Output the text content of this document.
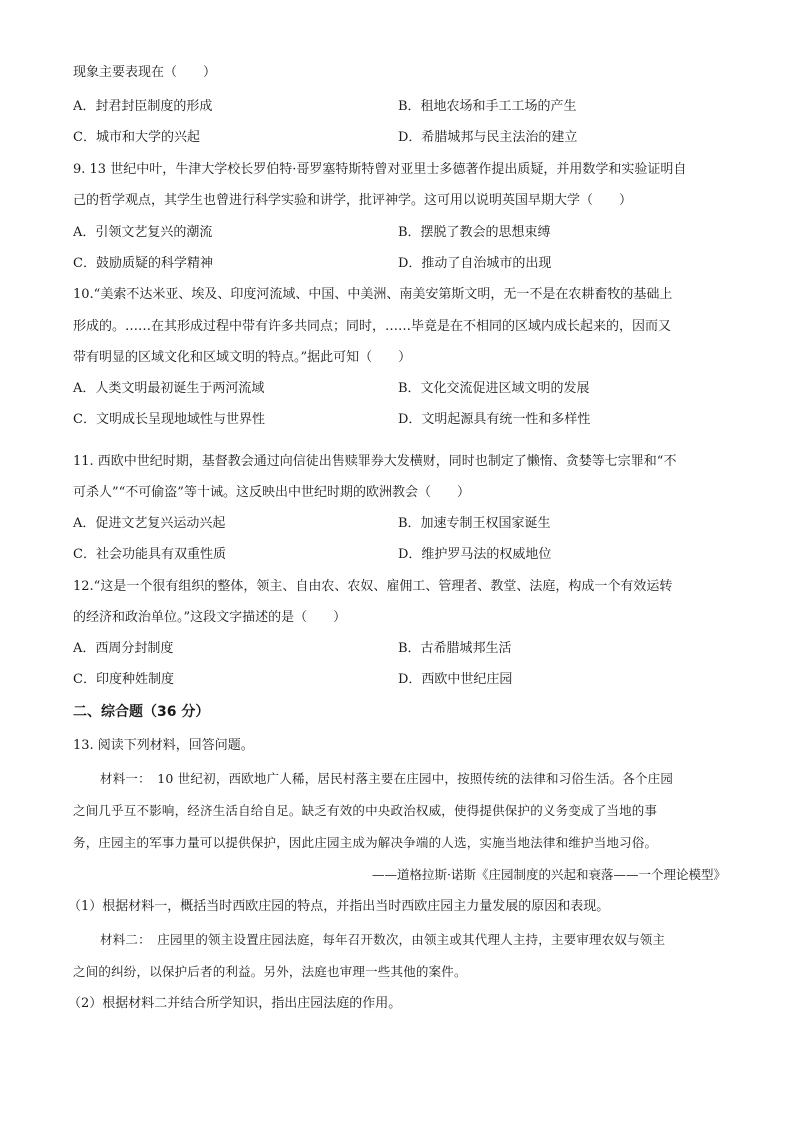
现象主要表现在（　　）
A．封君封臣制度的形成	B．租地农场和手工工场的产生
C．城市和大学的兴起	D．希腊城邦与民主法治的建立
9. 13 世纪中叶，牛津大学校长罗伯特·哥罗塞特斯特曾对亚里士多德著作提出质疑，并用数学和实验证明自
己的哲学观点，其学生也曾进行科学实验和讲学，批评神学。这可用以说明英国早期大学（　　）
A．引领文艺复兴的潮流	B．摆脱了教会的思想束缚
C．鼓励质疑的科学精神	D．推动了自治城市的出现
10.“美索不达米亚、埃及、印度河流域、中国、中美洲、南美安第斯文明，无一不是在农耕畜牧的基础上
形成的。……在其形成过程中带有许多共同点；同时，……毕竟是在不相同的区域内成长起来的，因而又
带有明显的区域文化和区域文明的特点。”据此可知（　　）
A．人类文明最初诞生于两河流域	B．文化交流促进区域文明的发展
C．文明成长呈现地域性与世界性	D．文明起源具有统一性和多样性
11. 西欧中世纪时期，基督教会通过向信徒出售赎罪券大发横财，同时也制定了懒惰、贪婪等七宗罪和“不
可杀人”“不可偷盗”等十诫。这反映出中世纪时期的欧洲教会（　　）
A．促进文艺复兴运动兴起	B．加速专制王权国家诞生
C．社会功能具有双重性质	D．维护罗马法的权威地位
12.“这是一个很有组织的整体，领主、自由农、农奴、雇佣工、管理者、教堂、法庭，构成一个有效运转
的经济和政治单位。”这段文字描述的是（　　）
A．西周分封制度	B．古希腊城邦生活
C．印度种姓制度	D．西欧中世纪庄园
二、综合题（36 分）
13. 阅读下列材料，回答问题。
材料一：　10 世纪初，西欧地广人稀，居民村落主要在庄园中，按照传统的法律和习俗生活。各个庄园
之间几乎互不影响，经济生活自给自足。缺乏有效的中央政治权威，使得提供保护的义务变成了当地的事
务，庄园主的军事力量可以提供保护，因此庄园主成为解决争端的人选，实施当地法律和维护当地习俗。
——道格拉斯·诺斯《庄园制度的兴起和衰落——一个理论模型》
（1）根据材料一，概括当时西欧庄园的特点，并指出当时西欧庄园主力量发展的原因和表现。
材料二：　庄园里的领主设置庄园法庭，每年召开数次，由领主或其代理人主持，主要审理农奴与领主
之间的纠纷，以保护后者的利益。另外，法庭也审理一些其他的案件。
（2）根据材料二并结合所学知识，指出庄园法庭的作用。
